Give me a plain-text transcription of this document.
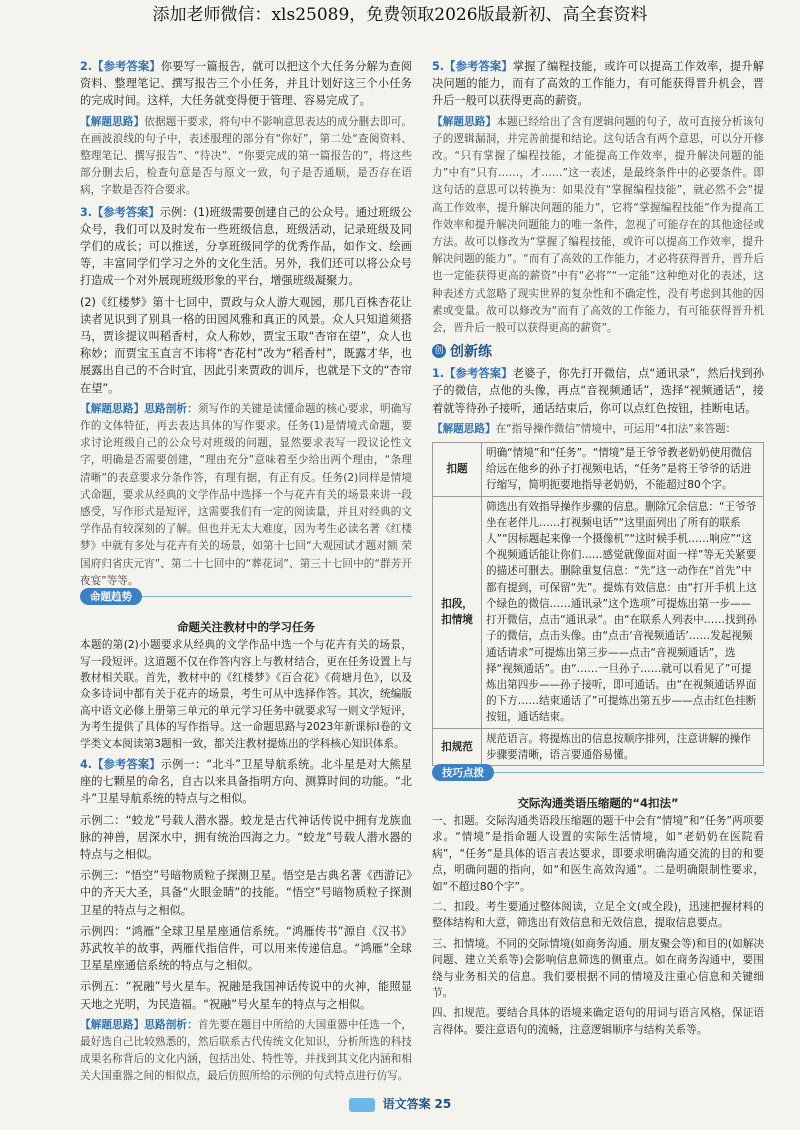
添加老师微信：xls25089，免费领取2026版最新初、高全套资料

2.【参考答案】你要写一篇报告，就可以把这个大任务分解为查阅资料、整理笔记、撰写报告三个小任务，并且计划好这三个小任务的完成时间。这样，大任务就变得便于管理、容易完成了。

【解题思路】依据题干要求，将句中不影响意思表达的成分删去即可。在画波浪线的句子中，表述服理的部分有“你好”，第二处“查阅资料、整理笔记、撰写报告”、“待决”、“你要完成的第一篇报告的”，将这些部分删去后，检查句意是否与原文一致，句子是否通顺，是否存在语病，字数是否符合要求。

3.【参考答案】示例：(1)班级需要创建自己的公众号。通过班级公众号，我们可以及时发布一些班级信息，班级活动，记录班级及同学们的成长；可以推送，分享班级同学的优秀作品，如作文、绘画等，丰富同学们学习之外的文化生活。另外，我们还可以将公众号打造成一个对外展现班级形象的平台，增强班级凝聚力。

(2)《红楼梦》第十七回中，贾政与众人游大观园，那几百株杏花让读者见识到了别具一格的田园风雅和真正的风景。众人只知道须搭马，贾诊提议叫稻香村，众人称妙，贾宝玉取“杏帘在望”，众人也称妙；而贾宝玉直言不讳将“杏花村”改为“稻香村”，既露才华，也展露出自己的不合时宜，因此引来贾政的训斥，也就是下文的“杏帘在望”。

【解题思路】思路剖析：须写作的关键是读懂命题的核心要求，明确写作的文体特征，再去表达具体的写作要求。任务(1)是情境式命题，要求讨论班级自己的公众号对班级的问题，显然要求表写一段议论性文字，明确是否需要创建，“理由充分”意味着至少给出两个理由，“条理清晰”的表意要求分条作答，有理有据，有正有反。任务(2)同样是情境式命题，要求从经典的文学作品中选择一个与花卉有关的场景来讲一段感受，写作形式是短评，这需要我们有一定的阅读量，并且对经典的文学作品有较深刻的了解。但也并无太大难度，因为考生必读名著《红楼梦》中就有多处与花卉有关的场景，如第十七回“大观园试才题对额 荣国府归省庆元宵”、第二十七回中的“葬花词”、第三十七回中的“群芳开夜宴”等等。

命题趋势
命题关注教材中的学习任务

本题的第(2)小题要求从经典的文学作品中选一个与花卉有关的场景，写一段短评。这道题不仅在作答内容上与教材结合，更在任务设置上与教材相关联。首先，教材中的《红楼梦》《百合花》《荷塘月色》，以及众多诗词中都有关于花卉的场景，考生可从中选择作答。其次，统编版高中语文必修上册第三单元的单元学习任务中就要求写一则文学短评，为考生提供了具体的写作指导。这一命题思路与2023年新课标Ⅰ卷的文学类文本阅读第3题相一致，都关注教材提炼出的学科核心知识体系。

4.【参考答案】示例一：“北斗”卫星导航系统。北斗星是对大熊星座的七颗星的命名，自古以来具备指明方向、测算时间的功能。“北斗”卫星导航系统的特点与之相似。

示例二：“蛟龙”号载人潜水器。蛟龙是古代神话传说中拥有龙族血脉的神兽，居深水中，拥有统治四海之力。“蛟龙”号载人潜水器的特点与之相似。

示例三：“悟空”号暗物质粒子探测卫星。悟空是古典名著《西游记》中的齐天大圣，具备“火眼金睛”的技能。“悟空”号暗物质粒子探测卫星的特点与之相似。

示例四：“鸿雁”全球卫星星座通信系统。“鸿雁传书”源自《汉书》苏武牧羊的故事，两雁代指信件，可以用来传递信息。“鸿雁”全球卫星星座通信系统的特点与之相似。

示例五：“祝融”号火星车。祝融是我国神话传说中的火神，能照显天地之光明，为民造福。“祝融”号火星车的特点与之相似。

【解题思路】思路剖析：首先要在题目中所给的大国重器中任选一个，最好选自己比较熟悉的，然后联系古代传统文化知识，分析所选的科技成果名称背后的文化内涵，包括出处、特性等，并找到其文化内涵和相关大国重器之间的相似点，最后仿照所给的示例的句式特点进行仿写。

5.【参考答案】掌握了编程技能，或许可以提高工作效率，提升解决问题的能力，而有了高效的工作能力，有可能获得晋升机会，晋升后一般可以获得更高的薪资。

【解题思路】本题已经给出了含有逻辑问题的句子，故可直接分析该句子的逻辑漏洞，并完善前提和结论。这句话含有两个意思，可以分开修改。“只有掌握了编程技能，才能提高工作效率，提升解决问题的能力”中有“只有……，才……”这一表述，是最终条件中的必要条件。即这句话的意思可以转换为：如果没有“掌握编程技能”，就必然不会“提高工作效率，提升解决问题的能力”，它将“掌握编程技能”作为提高工作效率和提升解决问题能力的唯一条件，忽视了可能存在的其他途径或方法。故可以修改为“掌握了编程技能，或许可以提高工作效率，提升解决问题的能力”。“而有了高效的工作能力，才必将获得晋升，晋升后也一定能获得更高的薪资”中有“必将”“一定能”这种绝对化的表述，这种表述方式忽略了现实世界的复杂性和不确定性，没有考虑到其他的因素或变量。故可以修改为“而有了高效的工作能力，有可能获得晋升机会，晋升后一般可以获得更高的薪资”。

创 创新练

1.【参考答案】老婆子，你先打开微信，点“通讯录”，然后找到孙子的微信，点他的头像，再点“音视频通话”，选择“视频通话”，接着就等待孙子接听，通话结束后，你可以点红色按钮，挂断电话。

【解题思路】在“指导操作微信”情境中，可运用“4扣法”来答题：

扣题	明确“情境”和“任务”。“情境”是王爷爷教老奶奶使用微信给远在他乡的孙子打视频电话，“任务”是将王爷爷的话进行缩写，简明扼要地指导老奶奶，不能超过80个字。
扣段，扣情境	筛选出有效指导操作步骤的信息。删除冗余信息：“王爷爷坐在老伴儿……打视频电话”“这里面列出了所有的联系人”“因标题起来像一个摄像机”“这时候手机……响应”“这个视频通话能让你们……感觉就像面对面一样”等无关紧要的描述可删去。删除重复信息：“先”这一动作在“首先”中都有提到，可保留“先”。提炼有效信息：由“打开手机上这个绿色的微信……通讯录”这个选项”可提炼出第一步——打开微信，点击“通讯录”。由“在联系人列表中……找到孙子的微信，点击头像。由“点击‘音视频通话’……发起视频通话请求”可提炼出第三步——点击“音视频通话”，选择“视频通话”。由“……一旦孙子……就可以看见了”可提炼出第四步——孙子接听，即可通话。由“在视频通话界面的下方……结束通话了”可提炼出第五步——点击红色挂断按钮，通话结束。
扣规范	规范语言。将提炼出的信息按顺序排列，注意讲解的操作步骤要清晰，语言要通俗易懂。
技巧点拨
交际沟通类语压缩题的“4扣法”

一、扣题。交际沟通类语段压缩题的题干中会有“情境”和“任务”两项要求。“情境”是指命题人设置的实际生活情境，如“老奶奶在医院看病”，“任务”是具体的语言表达要求，即要求明确沟通交流的目的和要点，明确问题的指向，如“和医生高效沟通”。二是明确限制性要求，如“不超过80个字”。

二、扣段。考生要通过整体阅读，立足全文(或全段)，迅速把握材料的整体结构和大意，筛选出有效信息和无效信息，提取信息要点。

三、扣情境。不同的交际情境(如商务沟通、朋友聚会等)和目的(如解决问题、建立关系等)会影响信息筛选的侧重点。如在商务沟通中，要围绕与业务相关的信息。我们要根据不同的情境及注重心信息和关键细节。

四、扣规范。要结合具体的语境来确定语句的用词与语言风格，保证语言得体。要注意语句的流畅，注意逻辑顺序与结构关系等。

语文答案 25
